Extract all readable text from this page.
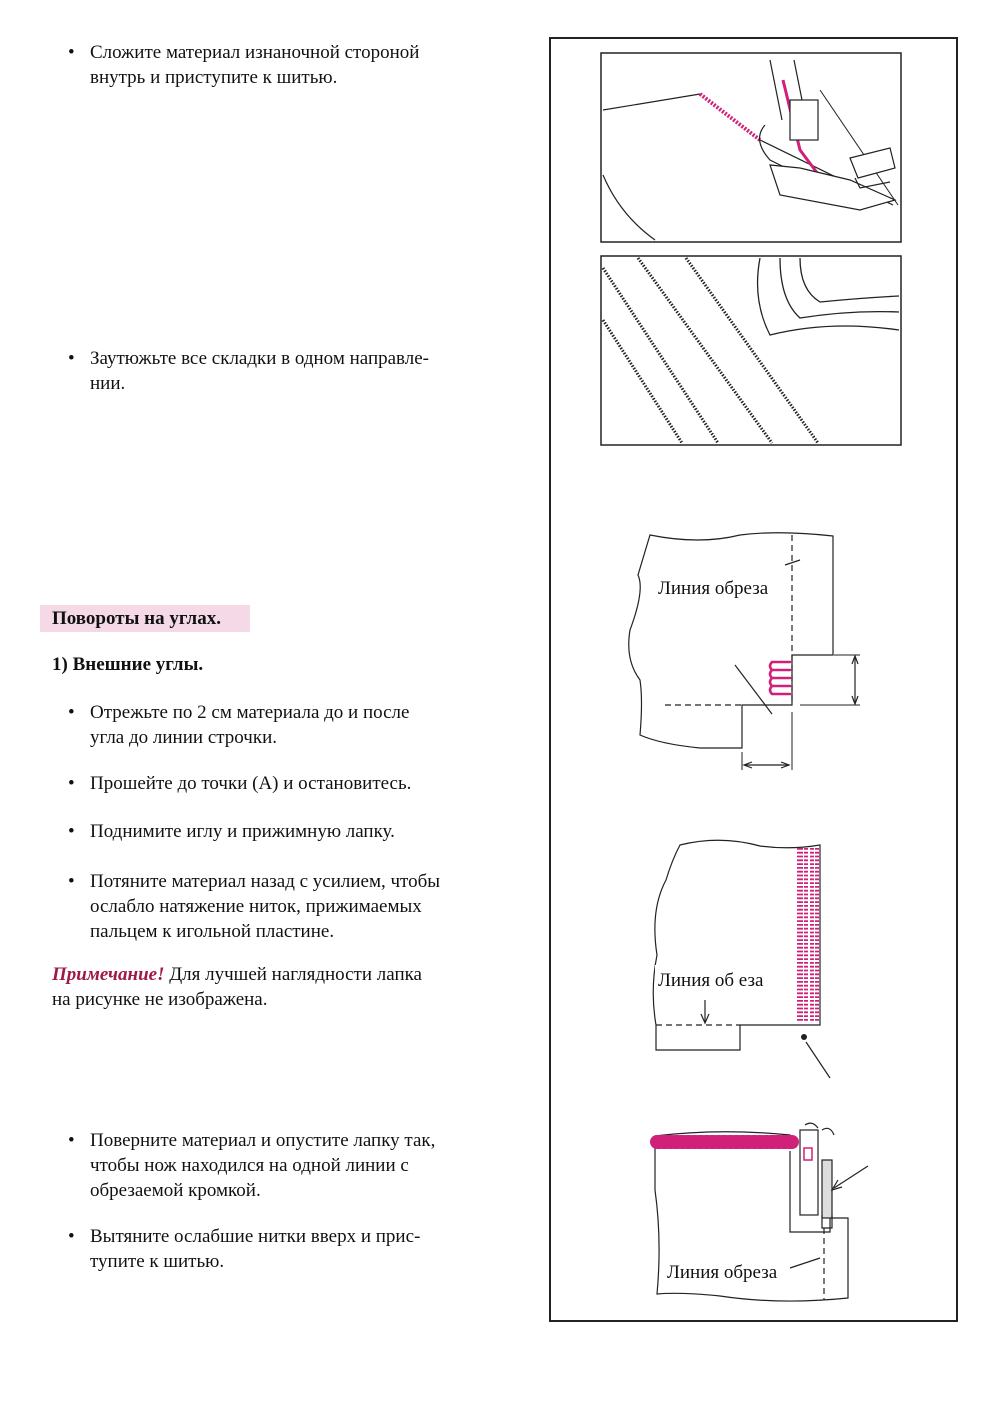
• Сложите материал изнаночной стороной
внутрь и приступите к шитью.
• Заутюжьте все складки в одном направле-
нии.
Повороты на углах.
1) Внешние углы.
• Отрежьте по 2 см материала до и после
угла до линии строчки.
• Прошейте до точки (А) и остановитесь.
• Поднимите иглу и прижимную лапку.
• Потяните материал назад с усилием, чтобы
ослабло натяжение ниток, прижимаемых
пальцем к игольной пластине.
Примечание! Для лучшей наглядности лапка
на рисунке не изображена.
• Поверните материал и опустите лапку так,
чтобы нож находился на одной линии с
обрезаемой кромкой.
• Вытяните ослабшие нитки вверх и прис-
тупите к шитью.
Линия обреза
Линия об еза
Линия обреза
